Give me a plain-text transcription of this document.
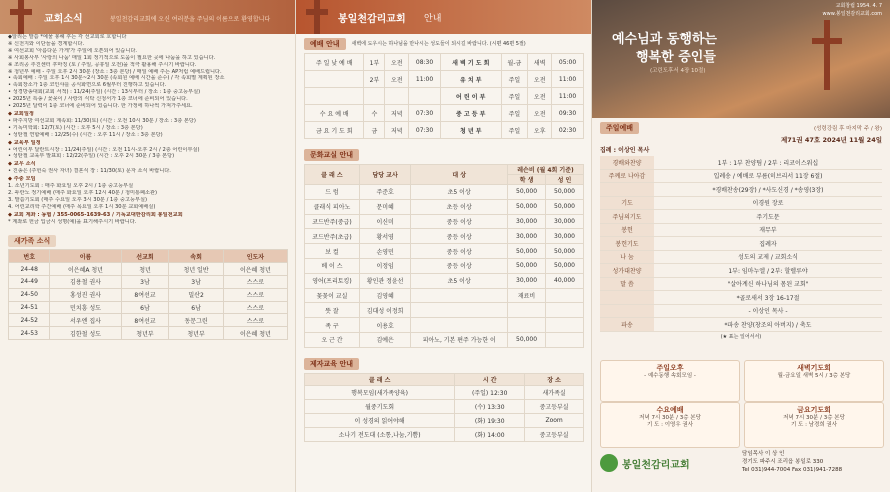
교회소식	봉일천감리교회에 오신 여러분을 주님의 이름으로 환영합니다
◆알리는 말씀 *예물 봉헤 후는 각 선교회로 호합니다
※ 신천지와 이단들을 경계합시다.
※ 여선교회 '아름다운 가게'가 주일에 오픈되어 있습니다.
※ 사회봉사부 '사랑의 나눔' 매일 1회 정기적으로 도움이 필요한 곳에 나눔을 하고 있습니다.
※ 조리공 추진센터 후마징 (토 / 주일, 공휴일 오전)을 적극 활용해 주시기 바랍니다.
※ 청년부 예배 - 주일 오후 2시 30분 (장소 : 3층 본당) / 매일 예배 주는 AP처럼 예배드립니다.
• 속회예배 : 주일 오후 1시 30분~2시 30분 (속회원 예배 시간을 준수) / 각 속회별 계획된 장소
• 속회장소가 1층 코인샤를 공식화면으로 6월부터 진행하고 있습니다.
• 성경방송대회(교회 서적) : 11/24(주일) (시간 : 13시부터 / 장소 : 1층 중고등부실)
• 2025년 특송 / 꽃꽂이 / 사랑의 식탁 신청서가 1층 코너에 준비되어 있습니다.
• 2025년 달력이 1층 코너에 준비되어 있습니다. 한 가정에 하나씩 가져가주세요.
◆ 교회일정
• 파주지방 여선교회 계속회: 11/30(토) (시간 : 오전 10시 30분 / 장소 : 3층 본당)
• 기독미학회: 12/7(토) (시간 : 오후 5시 / 장소 : 3층 본당)
• 성탄절 연합예배 : 12/25(수) (시간 : 오후 11시 / 장소 : 3층 본당)
◆ 교육부 일정
• 어린이부 달란트시장 : 11/24(주일) (시간 : 오전 11시-오후 2시 / 2층 어린이부실)
• 성탄절 교육부 발표회 : 12/22(주일) (시간 : 오후 2시 30분 / 3층 본당)
◆ 교우 소식
• 진송은 (주헌숙 권사 자녀) 결혼식 장 : 11/30(토) 문자 소식 바랍니다.
◆ 주중 모임
1. 소년기도회 : 매주 화요일 오후 2시 / 1층 중고등부실
2. 두란노 정기예배 (매주 화요일 오후 12시 40분 / 청미통폐소관)
3. 말씀기도회 (매주 수요일 오후 3시 30분 / 1층 중고등부실)
4. 어린교리학 주간예배 (매주 목요일 오후 1시 30분 교회예배실)
◆ 교회 계좌 : 농협 / 355-0065-1639-63 / 기독교대한감리회 봉일천교회
* 계좌로 헌금 입금시 성명(예)을 표기해주시기 바랍니다.
새가족 소식
번호	이름	선교회	속회	인도자
24-48	이은혜A 청년	청년	청년 일반	이은혜 청년
24-49	김용철 권사	3남	3남	스스로
24-50	홍성진 권사	8여선교	밀산2	스스로
24-51	민치흥 성도	6남	6남	스스로
24-52	서우엔 집사	8여선교	동문그린	스스로
24-53	김한철 성도	청년부	청년부	이은혜 청년
봉일천감리교회 안내
예배 안내	새벽에 도우시는 하나님을 만나시는 성도들이 되시길 바랍니다. (시편 46편 5절)
주 일 낮 예 배	1부	오전	08:30	새 벽 기 도 회	월-금	새벽	05:00
	2부	오전	11:00	유 치 부	주일	오전	11:00
				어 린 이 부	주일	오전	11:00
수 요 예 배	수	저녁	07:30	중 고 등 부	주일	오전	09:30
금 요 기 도 회	금	저녁	07:30	청 년 부	주일	오후	02:30
문화교실 안내
클 래 스	담당 교사	대 상	레슨비 (월 4회 기준)	
			학 생	성 인
드 럼	주준호	초5 이상	50,000	50,000
클래식 피아노	문미혜	초등 이상	50,000	50,000
코드반주(중급)	이신미	중등 이상	30,000	30,000
코드반주(초급)	황서영	중등 이상	30,000	30,000
보 컬	손영민	중등 이상	50,000	50,000
베 이 스	이정임	중등 이상	50,000	50,000
영어(프리토킹)	황인관 정윤선	초5 이상	30,000	40,000
꽃꽂이 교실	김영혜		재료비	
뜻 잘	김대성 이정희			
족 구	이용호			
오 근 간	김예은	피아노, 기본 편주 가능한 이	50,000	
제자교육 안내
클 래 스	시 간	장 소
행복모임(새가족양육)	(주일) 12:30	새가족실
월중기도회	(수) 13:30	중고등부실
이 성경의 읽어야해	(화) 19:30	Zoom
소나기 전도대 (소통,나눔,기쁨)	(화) 14:00	중고등부실
교회창립 1954. 4. 7
www.봉일천감리교회.com
예수님과 동행하는
행복한 증인들
(고린도후서 4장 10절)
주일예배	(성령강림 후 마지막 주 / 왕)
제71권 47호 2024년 11월 24일
집례 : 이상인 목사
경배와찬양	1부 : 1부 찬양팀 / 2부 : 리코이스워십
주께로 나아감	입례송 / 예배로 부름(히브리서 11장 6절)
	*경배찬송(29장) / *사도신경 / *송영(3장)
기도	이경원 장로
주님의기도	주기도문
봉헌	재무부
봉헌기도	집례자
나 눔	성도의 교제 / 교회소식
성가대찬양	1부: 임마누엘 / 2부: 할렐루야
말 씀	"살아계신 하나님의 몸된 교회"
	*골로새서 3장 16-17절
	- 이상인 목사 -
파송	*파송 찬양(창조의 아버지) / 축도
(★ 표는 일어서서)
주일오후
- 예수동행 속회모임 -
새벽기도회
월-금요일 새벽 5시 / 3층 본당
수요예배
저녁 7시 30분 / 3층 본당
기 도 : 이영우 권사
금요기도회
저녁 7시 30분 / 3층 본당
기 도 : 남경희 권사
봉일천감리교회
담임목사 이 상 인
경기도 파주시 조리읍 봉일로 330
Tel 031)944-7004 Fax 031)941-7288
